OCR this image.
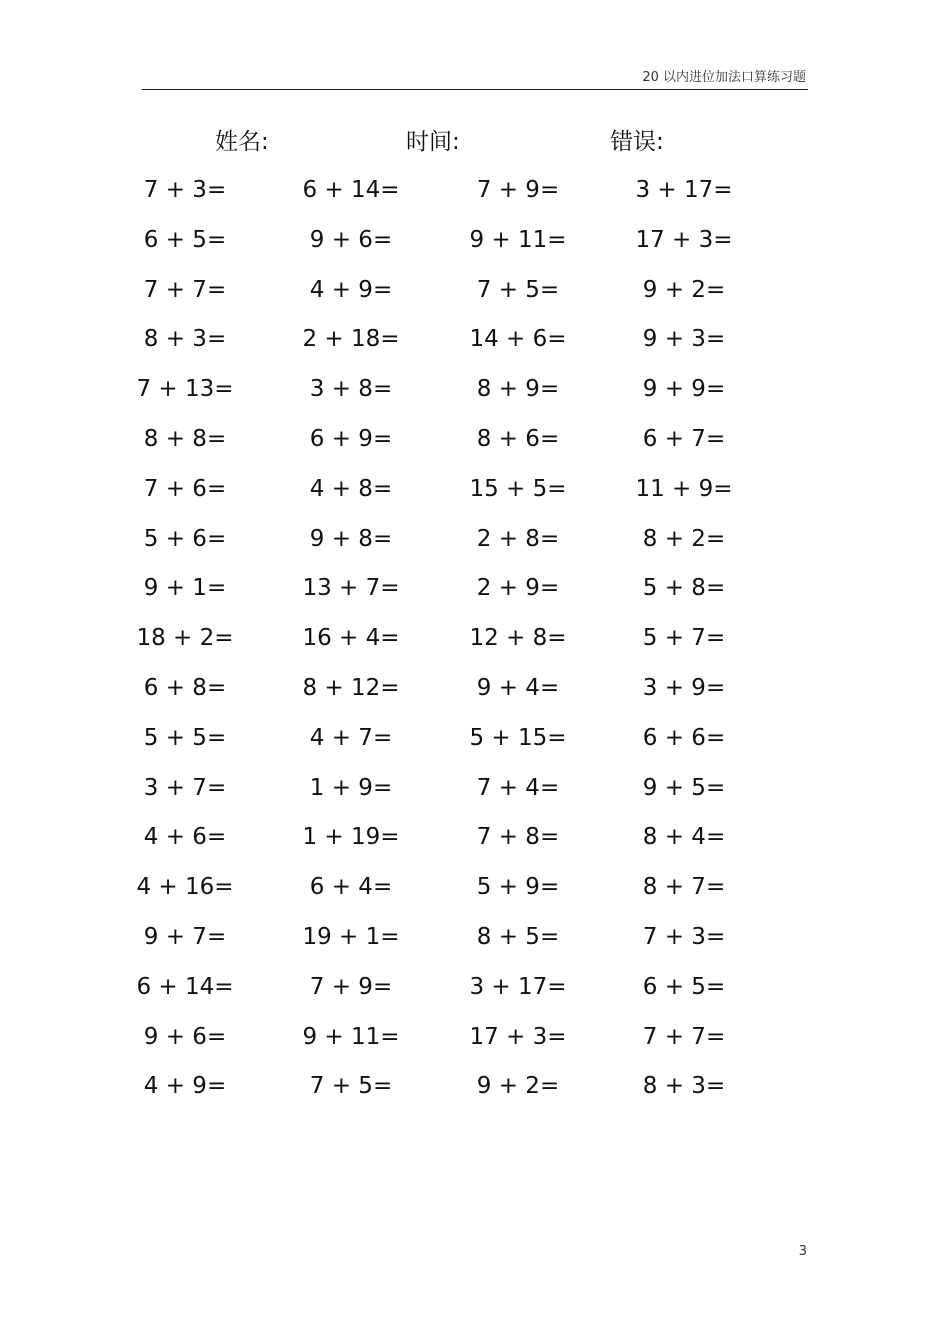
20 以内进位加法口算练习题
姓名:	时间:	错误:
7 + 3=	6 + 14=	7 + 9=	3 + 17=
6 + 5=	9 + 6=	9 + 11=	17 + 3=
7 + 7=	4 + 9=	7 + 5=	9 + 2=
8 + 3=	2 + 18=	14 + 6=	9 + 3=
7 + 13=	3 + 8=	8 + 9=	9 + 9=
8 + 8=	6 + 9=	8 + 6=	6 + 7=
7 + 6=	4 + 8=	15 + 5=	11 + 9=
5 + 6=	9 + 8=	2 + 8=	8 + 2=
9 + 1=	13 + 7=	2 + 9=	5 + 8=
18 + 2=	16 + 4=	12 + 8=	5 + 7=
6 + 8=	8 + 12=	9 + 4=	3 + 9=
5 + 5=	4 + 7=	5 + 15=	6 + 6=
3 + 7=	1 + 9=	7 + 4=	9 + 5=
4 + 6=	1 + 19=	7 + 8=	8 + 4=
4 + 16=	6 + 4=	5 + 9=	8 + 7=
9 + 7=	19 + 1=	8 + 5=	7 + 3=
6 + 14=	7 + 9=	3 + 17=	6 + 5=
9 + 6=	9 + 11=	17 + 3=	7 + 7=
4 + 9=	7 + 5=	9 + 2=	8 + 3=
3
